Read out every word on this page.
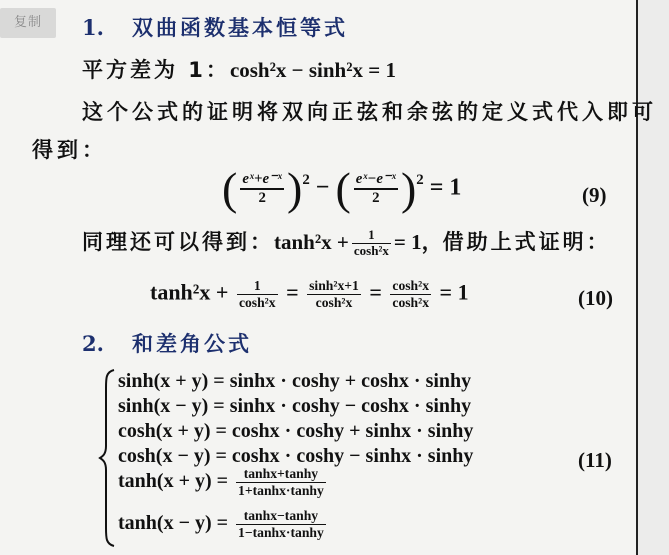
复制	1. 双曲函数基本恒等式
平方差为 1：cosh²x − sinh²x = 1
这个公式的证明将双向正弦和余弦的定义式代入即可
得到：
( $\frac{\text{eˣ+e⁻ˣ}}{2} )^2$ − ( $\frac{\text{eˣ−e⁻ˣ}}{2} )^2 = 1$	(9)
同理还可以得到：$\tanh^2x + \frac{1}{\text{cosh²x}} = 1$，借助上式证明：
$\tanh^2x + \frac{1}{\text{cosh²x}} = \frac{\text{sinh²x+1}}{\text{cosh²x}} = \frac{\text{cosh²x}}{\text{cosh²x}} = 1$	(10)
2. 和差角公式
sinh(x + y) = sinhx · coshy + coshx · sinhy
sinh(x − y) = sinhx · coshy − coshx · sinhy
cosh(x + y) = coshx · coshy + sinhx · sinhy
cosh(x − y) = coshx · coshy − sinhx · sinhy
$\tanh(x + y) = \frac{\tanh x+\tanh y}{1+\tanh x\cdot\tanh y}$
$\tanh(x - y) = \frac{\tanh x-\tanh y}{1-\tanh x\cdot\tanh y}$
(11)
